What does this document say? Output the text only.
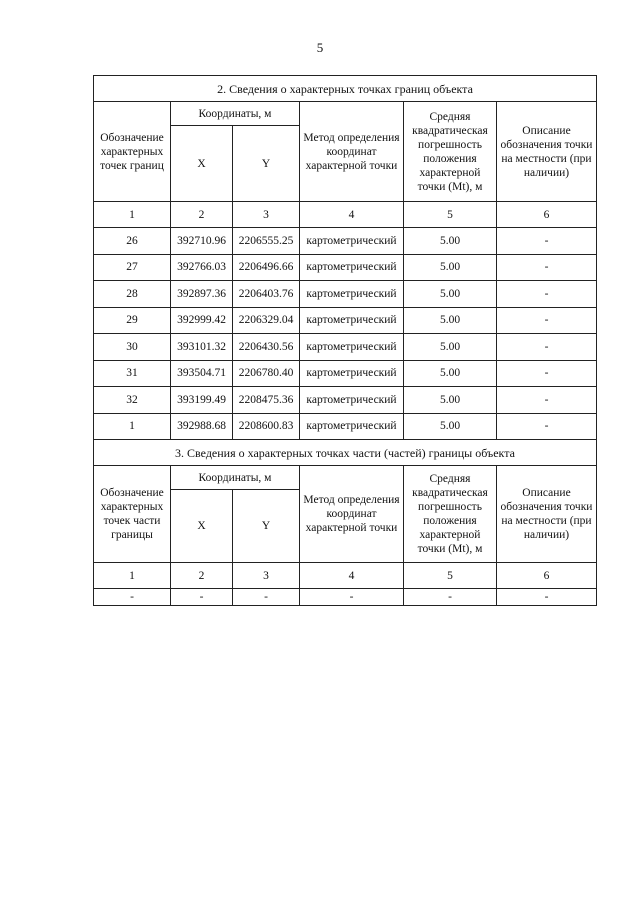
5
2. Сведения о характерных точках границ объекта					
Обозначение характерных точек границ	Координаты, м		Метод определения координат характерной точки	Средняя квадратическая погрешность положения характерной точки (Mt), м	Описание обозначения точки на местности (при наличии)
	X	Y			
1	2	3	4	5	6
26	392710.96	2206555.25	картометрический	5.00	-
27	392766.03	2206496.66	картометрический	5.00	-
28	392897.36	2206403.76	картометрический	5.00	-
29	392999.42	2206329.04	картометрический	5.00	-
30	393101.32	2206430.56	картометрический	5.00	-
31	393504.71	2206780.40	картометрический	5.00	-
32	393199.49	2208475.36	картометрический	5.00	-
1	392988.68	2208600.83	картометрический	5.00	-
3. Сведения о характерных точках части (частей) границы объекта					
Обозначение характерных точек части границы	Координаты, м		Метод определения координат характерной точки	Средняя квадратическая погрешность положения характерной точки (Mt), м	Описание обозначения точки на местности (при наличии)
	X	Y			
1	2	3	4	5	6
-	-	-	-	-	-
